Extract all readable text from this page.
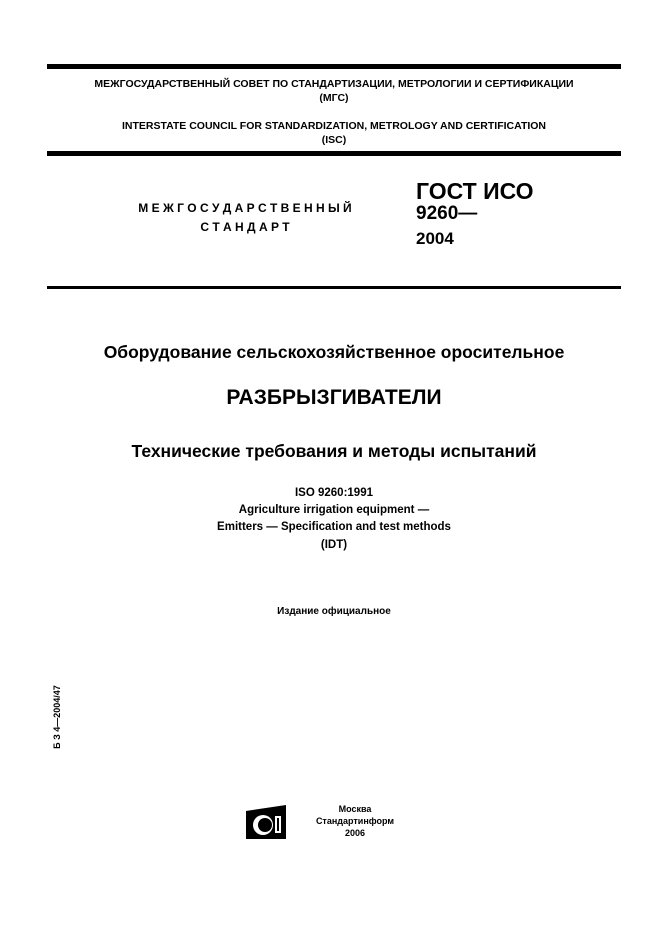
МЕЖГОСУДАРСТВЕННЫЙ СОВЕТ ПО СТАНДАРТИЗАЦИИ, МЕТРОЛОГИИ И СЕРТИФИКАЦИИ
(МГС)
INTERSTATE COUNCIL FOR STANDARDIZATION, METROLOGY AND CERTIFICATION
(ISC)
М Е Ж Г О С У Д А Р С Т В Е Н Н Ы Й
С Т А Н Д А Р Т
ГОСТ ИСО
9260—
2004
Оборудование сельскохозяйственное оросительное
РАЗБРЫЗГИВАТЕЛИ
Технические требования и методы испытаний
ISO 9260:1991
Agriculture irrigation equipment —
Emitters — Specification and test methods
(IDT)
Издание официальное
Б З 4—2004/47
Москва
Стандартинформ
2006
